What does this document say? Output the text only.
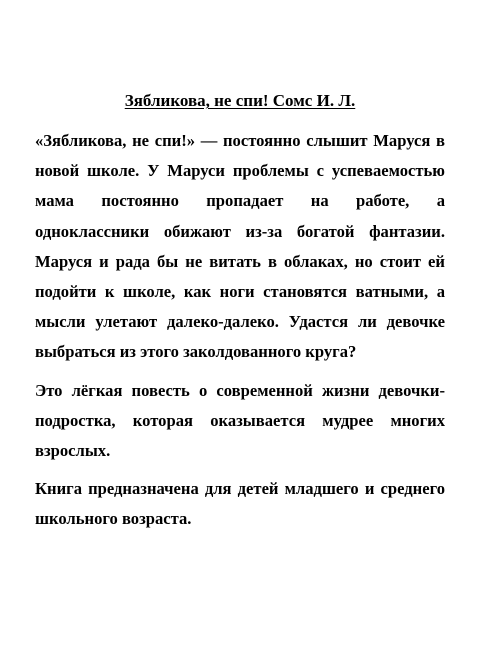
Зябликова, не спи! Сомс И. Л.

«Зябликова, не спи!» — постоянно слышит Маруся в новой школе. У Маруси проблемы с успеваемостью мама постоянно пропадает на работе, а одноклассники обижают из-за богатой фантазии. Маруся и рада бы не витать в облаках, но стоит ей подойти к школе, как ноги становятся ватными, а мысли улетают далеко-далеко. Удастся ли девочке выбраться из этого заколдованного круга?

Это лёгкая повесть о современной жизни девочки-подростка, которая оказывается мудрее многих взрослых.

Книга предназначена для детей младшего и среднего школьного возраста.
